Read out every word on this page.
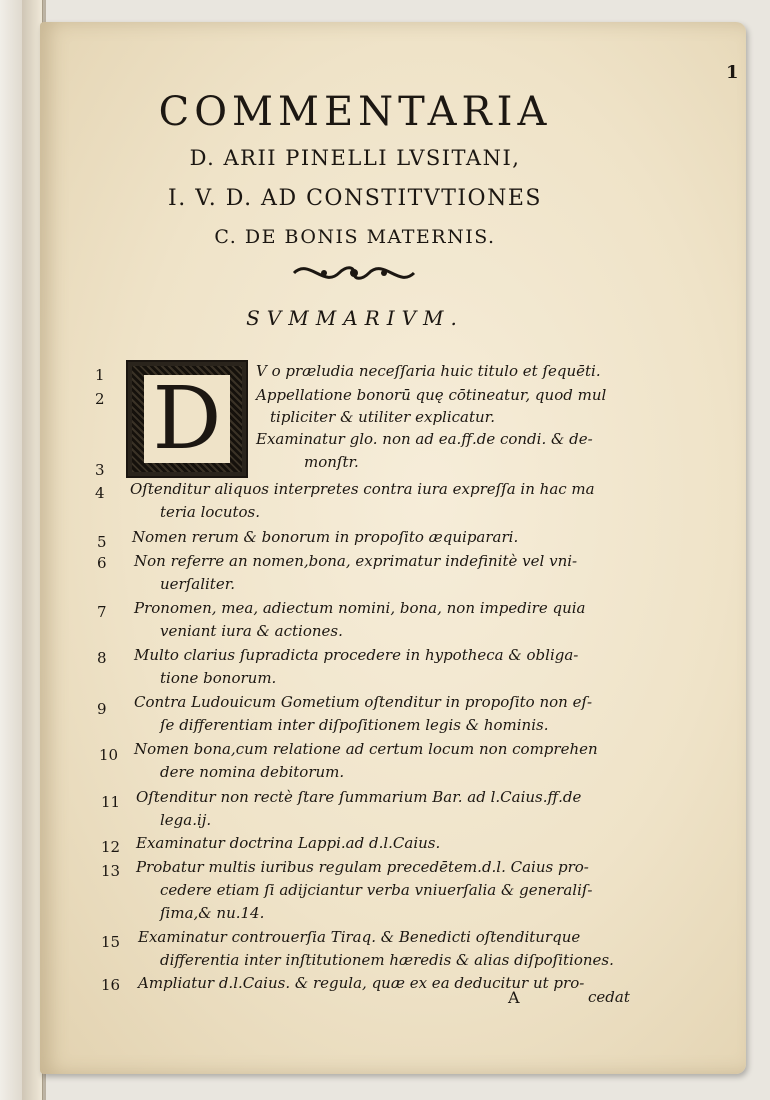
1
COMMENTARIA
D. ARII PINELLI LVSITANI,
I. V. D. AD CONSTITVTIONES
C. DE BONIS MATERNIS.
SVMMARIVM.
D
1
2
3
4
5
6
7
8
9
10
11
12
13
15
16
V o præludia neceſſaria huic titulo et ſequēti.
Appellatione bonorū quę cōtineatur, quod mul
tipliciter & utiliter explicatur.
Examinatur glo. non ad ea.ff.de condi. & de-
monſtr.
Oſtenditur aliquos interpretes contra iura expreſſa in hac ma
teria locutos.
Nomen rerum & bonorum in propoſito æquiparari.
Non referre an nomen,bona, exprimatur indefinitè vel vni-
uerſaliter.
Pronomen, mea, adiectum nomini, bona, non impedire quia
veniant iura & actiones.
Multo clarius ſupradicta procedere in hypotheca & obliga-
tione bonorum.
Contra Ludouicum Gometium oſtenditur in propoſito non eſ-
ſe differentiam inter diſpoſitionem legis & hominis.
Nomen bona,cum relatione ad certum locum non comprehen
dere nomina debitorum.
Oſtenditur non rectè ſtare ſummarium Bar. ad l.Caius.ff.de
lega.ij.
Examinatur doctrina Lappi.ad d.l.Caius.
Probatur multis iuribus regulam precedētem.d.l. Caius pro-
cedere etiam ſi adijciantur verba vniuerſalia & generaliſ-
ſima,& nu.14.
Examinatur controuerſia Tiraq. & Benedicti oſtenditurque
differentia inter inſtitutionem hæredis & alias diſpoſitiones.
Ampliatur d.l.Caius. & regula, quæ ex ea deducitur ut pro-
cedat
A
